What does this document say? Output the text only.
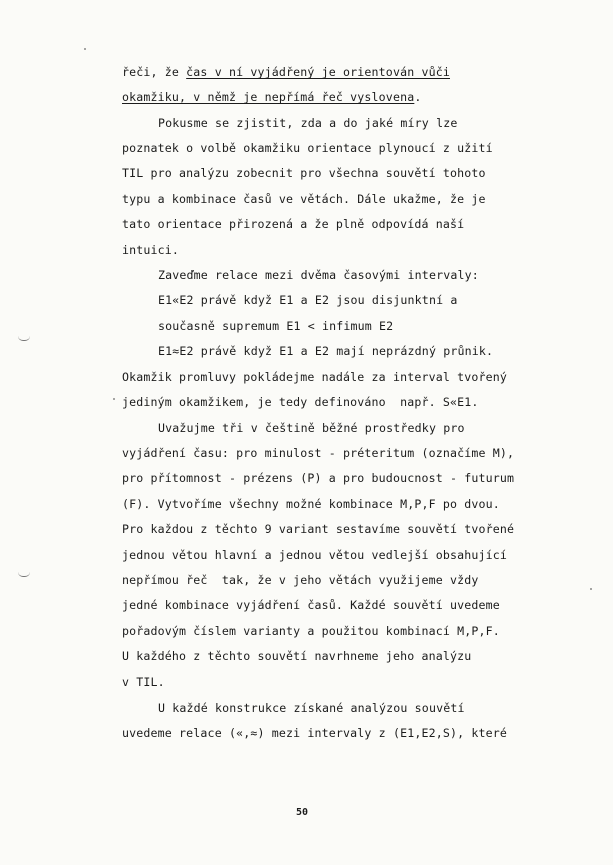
řeči, že čas v ní vyjádřený je orientován vůči
okamžiku, v němž je nepřímá řeč vyslovena.
Pokusme se zjistit, zda a do jaké míry lze
poznatek o volbě okamžiku orientace plynoucí z užití
TIL pro analýzu zobecnit pro všechna souvětí tohoto
typu a kombinace časů ve větách. Dále ukažme, že je
tato orientace přirozená a že plně odpovídá naší
intuici.
Zaveďme relace mezi dvěma časovými intervaly:
E1«E2 právě když E1 a E2 jsou disjunktní a
současně supremum E1 < infimum E2
E1≈E2 právě když E1 a E2 mají neprázdný průnik.
Okamžik promluvy pokládejme nadále za interval tvořený
jediným okamžikem, je tedy definováno  např. S«E1.
Uvažujme tři v češtině běžné prostředky pro
vyjádření času: pro minulost - préteritum (označíme M),
pro přítomnost - prézens (P) a pro budoucnost - futurum
(F). Vytvoříme všechny možné kombinace M,P,F po dvou.
Pro každou z těchto 9 variant sestavíme souvětí tvořené
jednou větou hlavní a jednou větou vedlejší obsahující
nepřímou řeč  tak, že v jeho větách využijeme vždy
jedné kombinace vyjádření časů. Každé souvětí uvedeme
pořadovým číslem varianty a použitou kombinací M,P,F.
U každého z těchto souvětí navrhneme jeho analýzu
v TIL.
U každé konstrukce získané analýzou souvětí
uvedeme relace («,≈) mezi intervaly z (E1,E2,S), které
50
